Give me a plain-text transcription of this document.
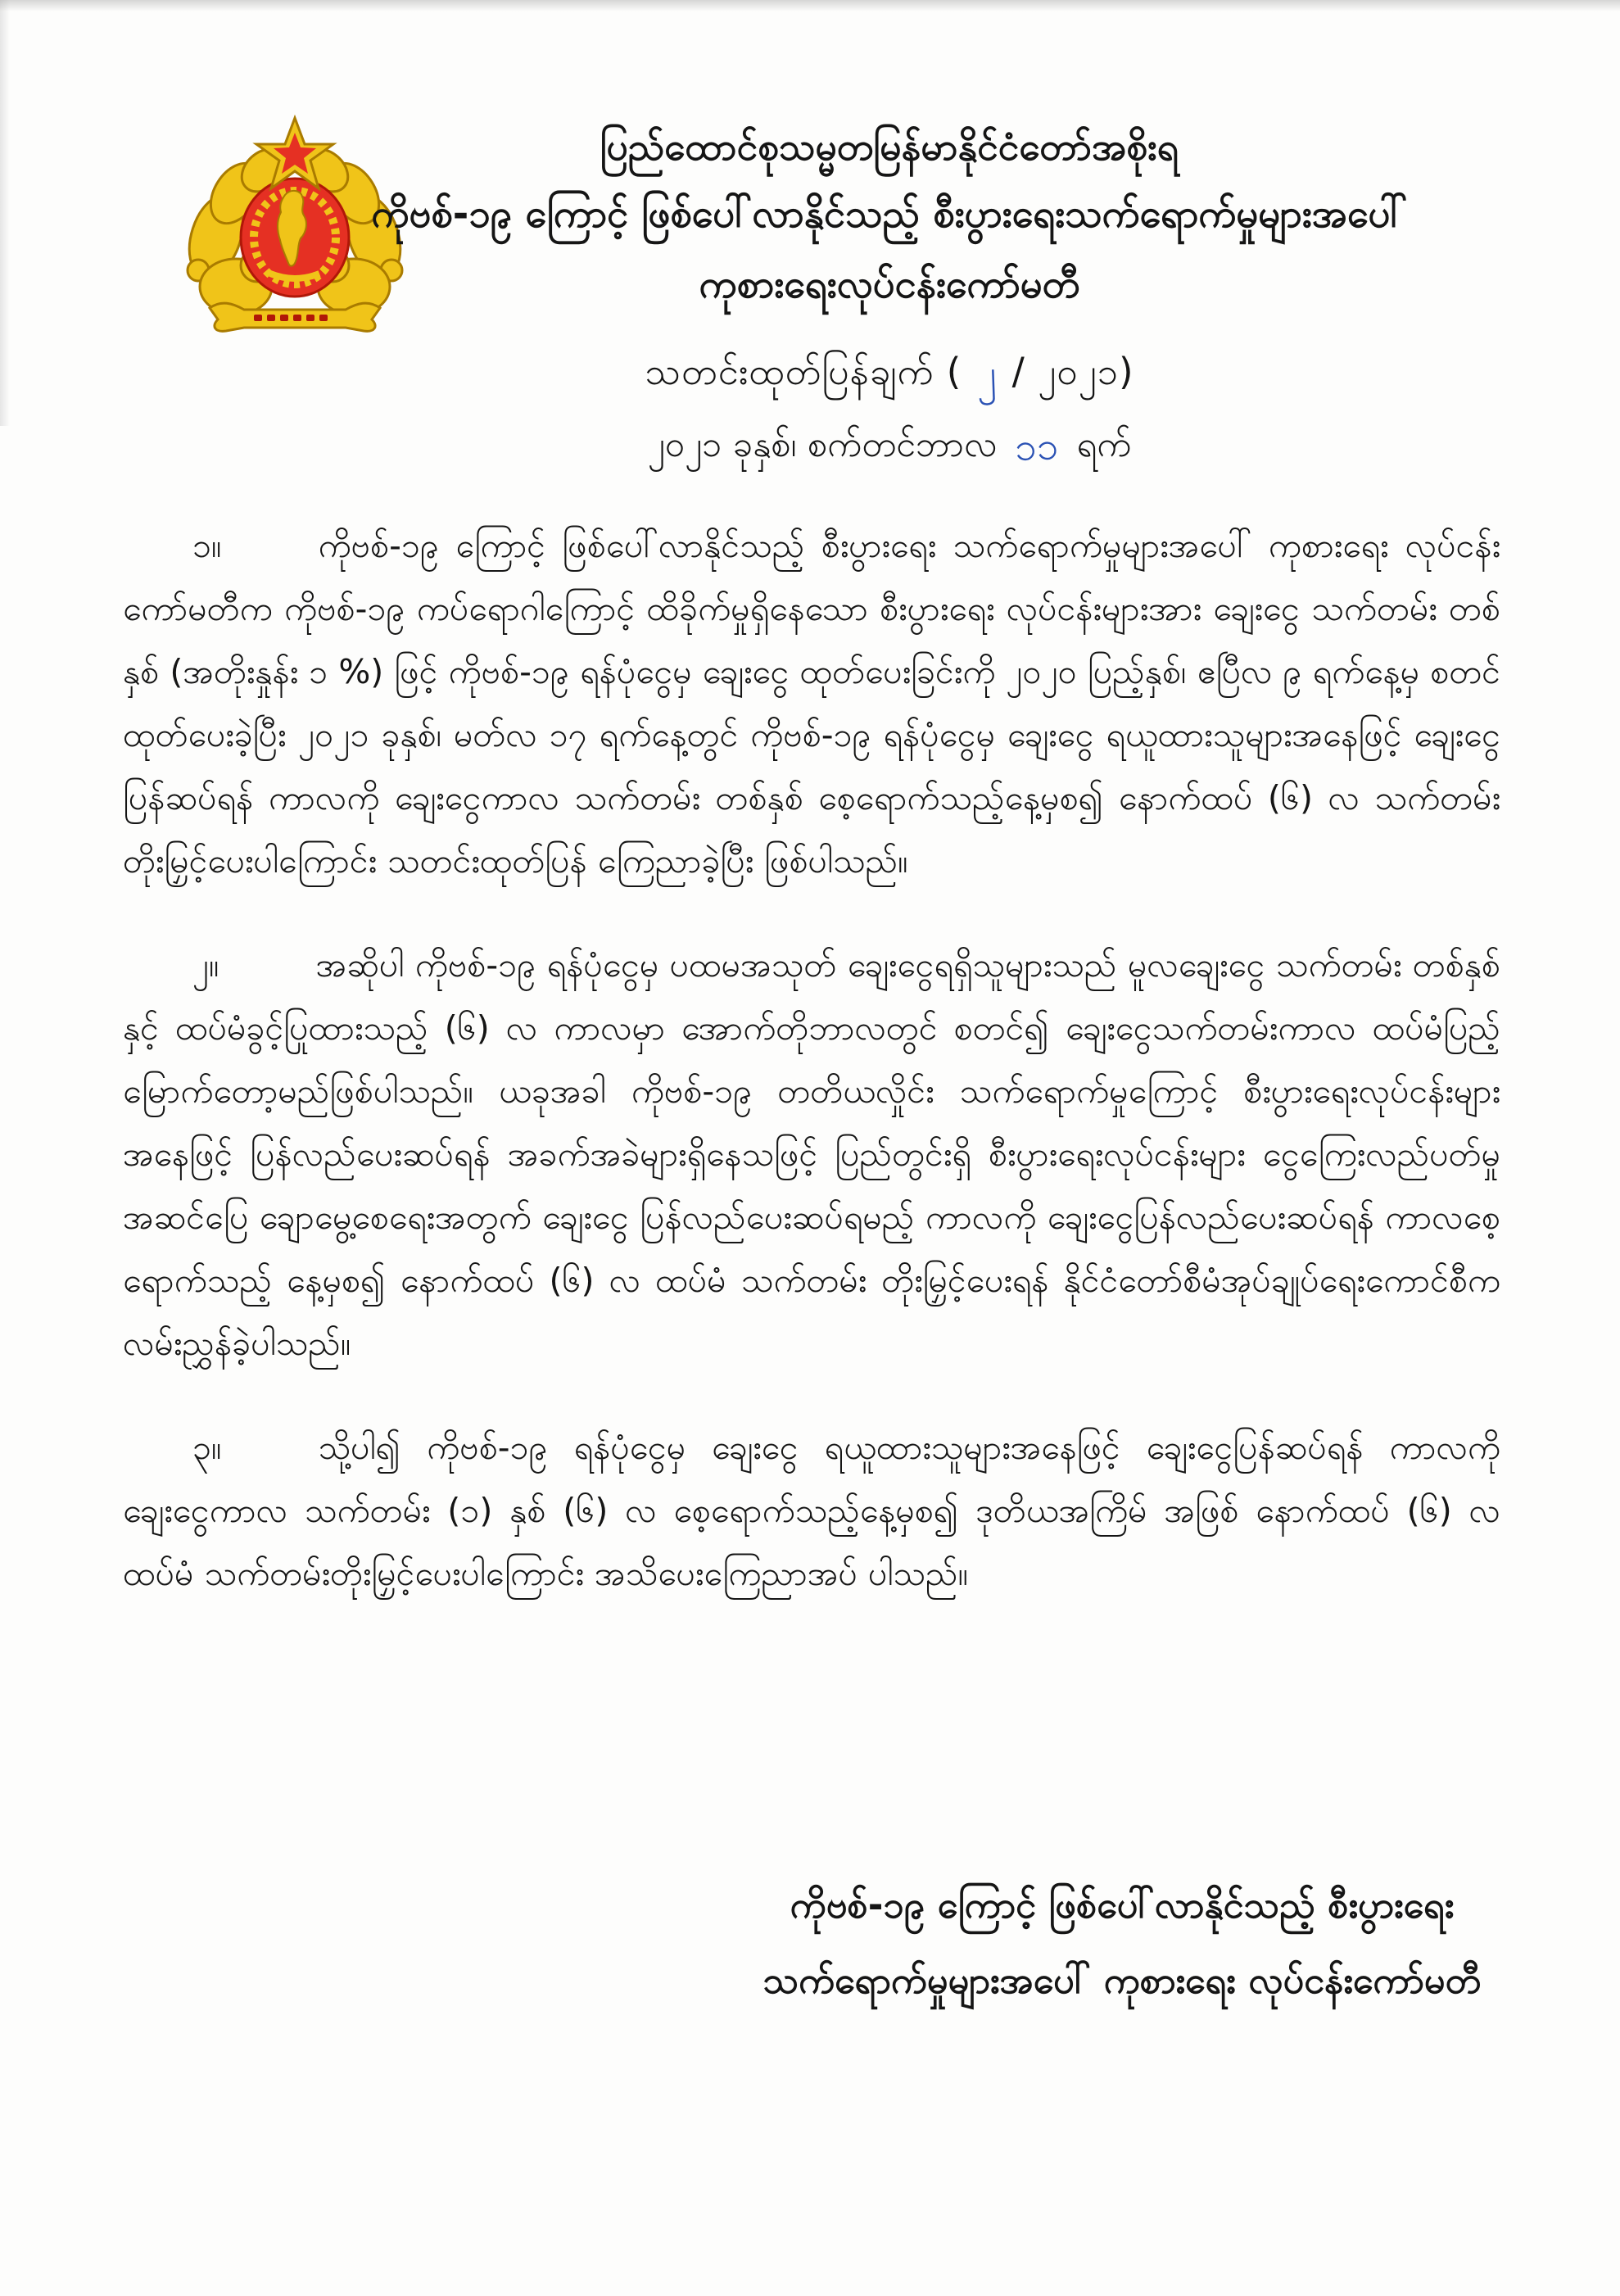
ပြည်ထောင်စုသမ္မတမြန်မာနိုင်ငံတော်အစိုးရ
ကိုဗစ်-၁၉ ကြောင့် ဖြစ်ပေါ်လာနိုင်သည့် စီးပွားရေးသက်ရောက်မှုများအပေါ်
ကုစားရေးလုပ်ငန်းကော်မတီ
သတင်းထုတ်ပြန်ချက် ( ၂ / ၂၀၂၁)
၂၀၂၁ ခုနှစ်၊ စက်တင်ဘာလ ၁၁ ရက်

၁။	ကိုဗစ်-၁၉ ကြောင့် ဖြစ်ပေါ်လာနိုင်သည့် စီးပွားရေး သက်ရောက်မှုများအပေါ် ကုစားရေး လုပ်ငန်းကော်မတီက ကိုဗစ်-၁၉ ကပ်ရောဂါကြောင့် ထိခိုက်မှုရှိနေသော စီးပွားရေး လုပ်ငန်းများအား ချေးငွေ သက်တမ်း တစ်နှစ် (အတိုးနှုန်း ၁ %) ဖြင့် ကိုဗစ်-၁၉ ရန်ပုံငွေမှ ချေးငွေ ထုတ်ပေးခြင်းကို ၂၀၂၀ ပြည့်နှစ်၊ ဧပြီလ ၉ ရက်နေ့မှ စတင်ထုတ်ပေးခဲ့ပြီး ၂၀၂၁ ခုနှစ်၊ မတ်လ ၁၇ ရက်နေ့တွင် ကိုဗစ်-၁၉ ရန်ပုံငွေမှ ချေးငွေ ရယူထားသူများအနေဖြင့် ချေးငွေ ပြန်ဆပ်ရန် ကာလကို ချေးငွေကာလ သက်တမ်း တစ်နှစ် စေ့ရောက်သည့်နေ့မှစ၍ နောက်ထပ် (၆) လ သက်တမ်းတိုးမြှင့်ပေးပါကြောင်း သတင်းထုတ်ပြန် ကြေညာခဲ့ပြီး ဖြစ်ပါသည်။

၂။	အဆိုပါ ကိုဗစ်-၁၉ ရန်ပုံငွေမှ ပထမအသုတ် ချေးငွေရရှိသူများသည် မူလချေးငွေ သက်တမ်း တစ်နှစ်နှင့် ထပ်မံခွင့်ပြုထားသည့် (၆) လ ကာလမှာ အောက်တိုဘာလတွင် စတင်၍ ချေးငွေသက်တမ်းကာလ ထပ်မံပြည့်မြောက်တော့မည်ဖြစ်ပါသည်။ ယခုအခါ ကိုဗစ်-၁၉ တတိယလှိုင်း သက်ရောက်မှုကြောင့် စီးပွားရေးလုပ်ငန်းများ အနေဖြင့် ပြန်လည်ပေးဆပ်ရန် အခက်အခဲများရှိနေသဖြင့် ပြည်တွင်းရှိ စီးပွားရေးလုပ်ငန်းများ ငွေကြေးလည်ပတ်မှု အဆင်ပြေ ချောမွေ့စေရေးအတွက် ချေးငွေ ပြန်လည်ပေးဆပ်ရမည့် ကာလကို ချေးငွေပြန်လည်ပေးဆပ်ရန် ကာလစေ့ရောက်သည့် နေ့မှစ၍ နောက်ထပ် (၆) လ ထပ်မံ သက်တမ်း တိုးမြှင့်ပေးရန် နိုင်ငံတော်စီမံအုပ်ချုပ်ရေးကောင်စီက လမ်းညွှန်ခဲ့ပါသည်။

၃။	သို့ပါ၍ ကိုဗစ်-၁၉ ရန်ပုံငွေမှ ချေးငွေ ရယူထားသူများအနေဖြင့် ချေးငွေပြန်ဆပ်ရန် ကာလကို ချေးငွေကာလ သက်တမ်း (၁) နှစ် (၆) လ စေ့ရောက်သည့်နေ့မှစ၍ ဒုတိယအကြိမ် အဖြစ် နောက်ထပ် (၆) လ ထပ်မံ သက်တမ်းတိုးမြှင့်ပေးပါကြောင်း အသိပေးကြေညာအပ် ပါသည်။

ကိုဗစ်-၁၉ ကြောင့် ဖြစ်ပေါ်လာနိုင်သည့် စီးပွားရေး
သက်ရောက်မှုများအပေါ် ကုစားရေး လုပ်ငန်းကော်မတီ
